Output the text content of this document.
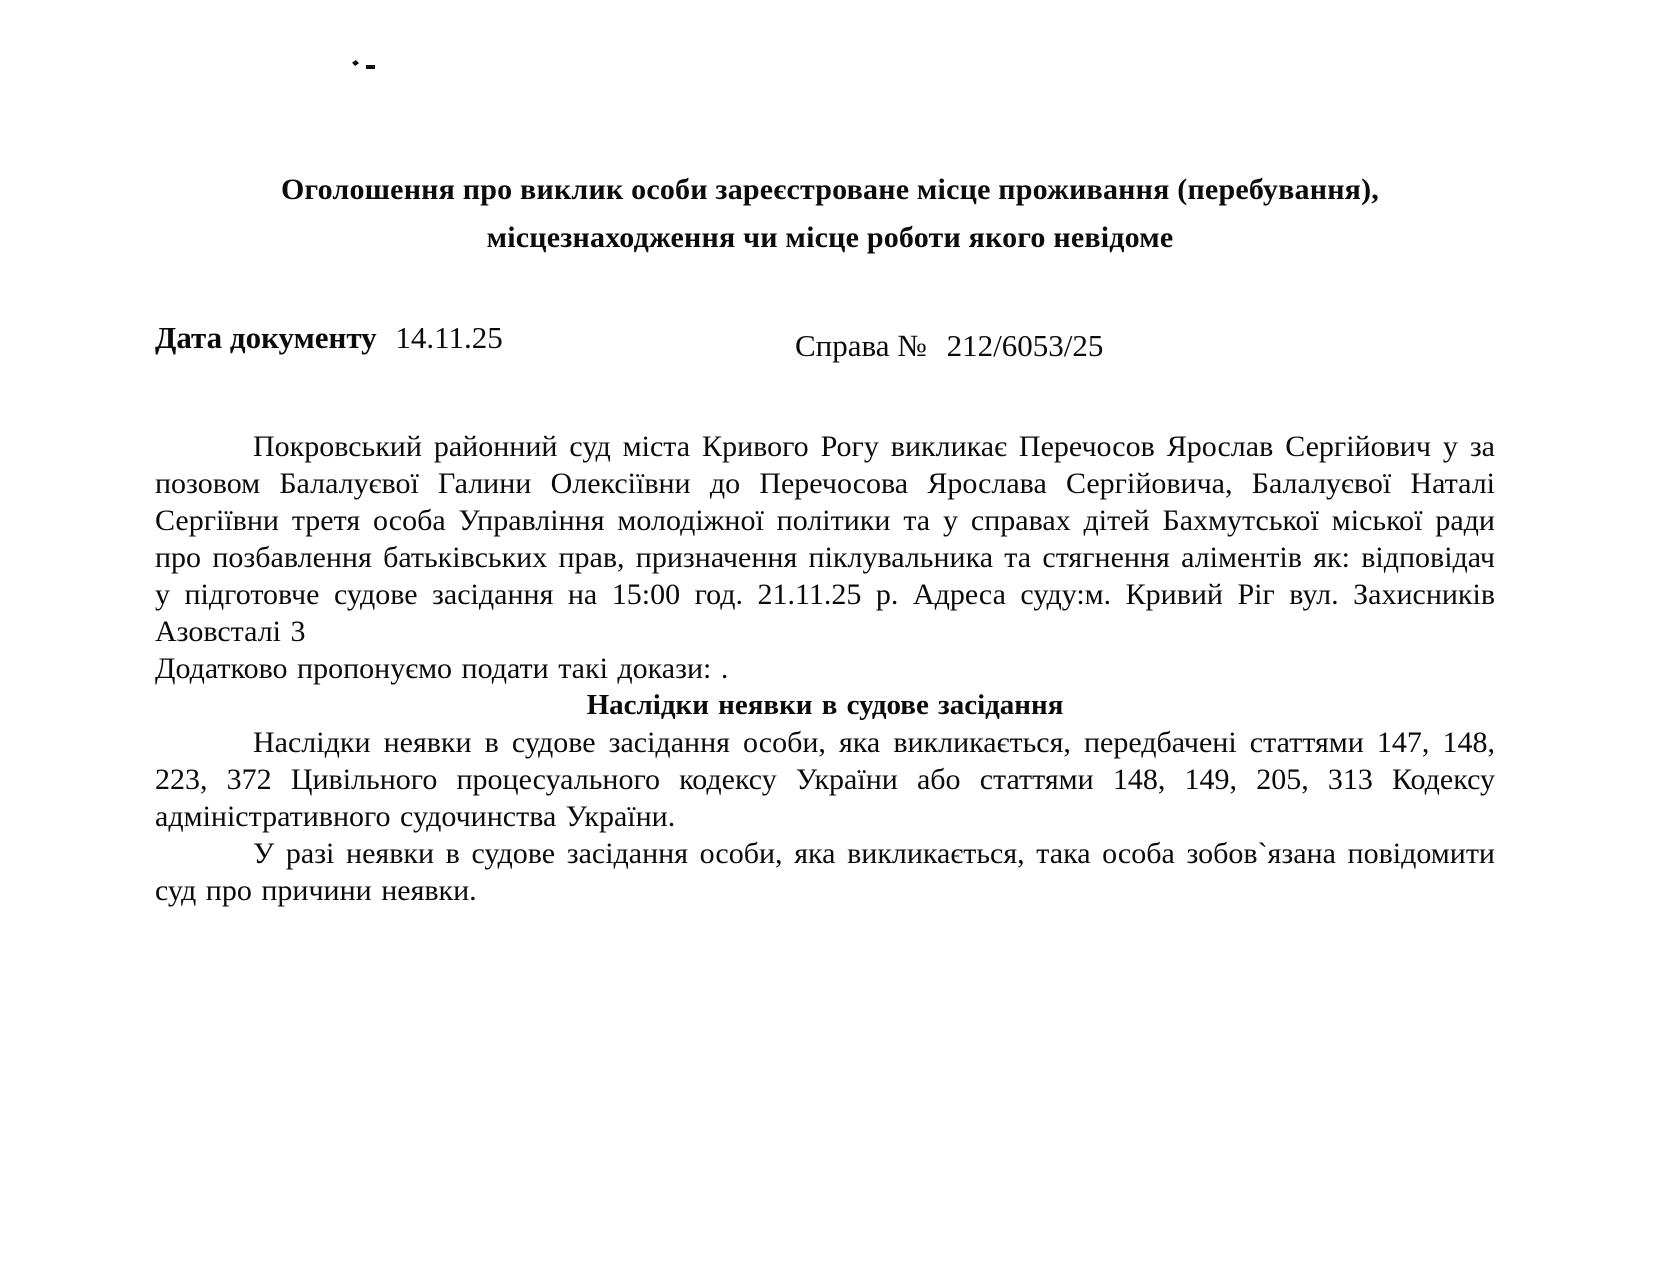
Оголошення про виклик особи зареєстроване місце проживання (перебування), місцезнаходження чи місце роботи якого невідоме
Дата документу 14.11.25	Справа № 212/6053/25

Покровський районний суд міста Кривого Рогу викликає Перечосов Ярослав Сергійович у за позовом Балалуєвої Галини Олексіївни до Перечосова Ярослава Сергійовича, Балалуєвої Наталі Сергіївни третя особа Управління молодіжної політики та у справах дітей Бахмутської міської ради про позбавлення батьківських прав, призначення піклувальника та стягнення аліментів як: відповідач у підготовче судове засідання на 15:00 год. 21.11.25 р. Адреса суду:м. Кривий Ріг вул. Захисників Азовсталі 3

Додатково пропонуємо подати такі докази: .

Наслідки неявки в судове засідання

Наслідки неявки в судове засідання особи, яка викликається, передбачені статтями 147, 148, 223, 372 Цивільного процесуального кодексу України або статтями 148, 149, 205, 313 Кодексу адміністративного судочинства України.

У разі неявки в судове засідання особи, яка викликається, така особа зобов`язана повідомити суд про причини неявки.
